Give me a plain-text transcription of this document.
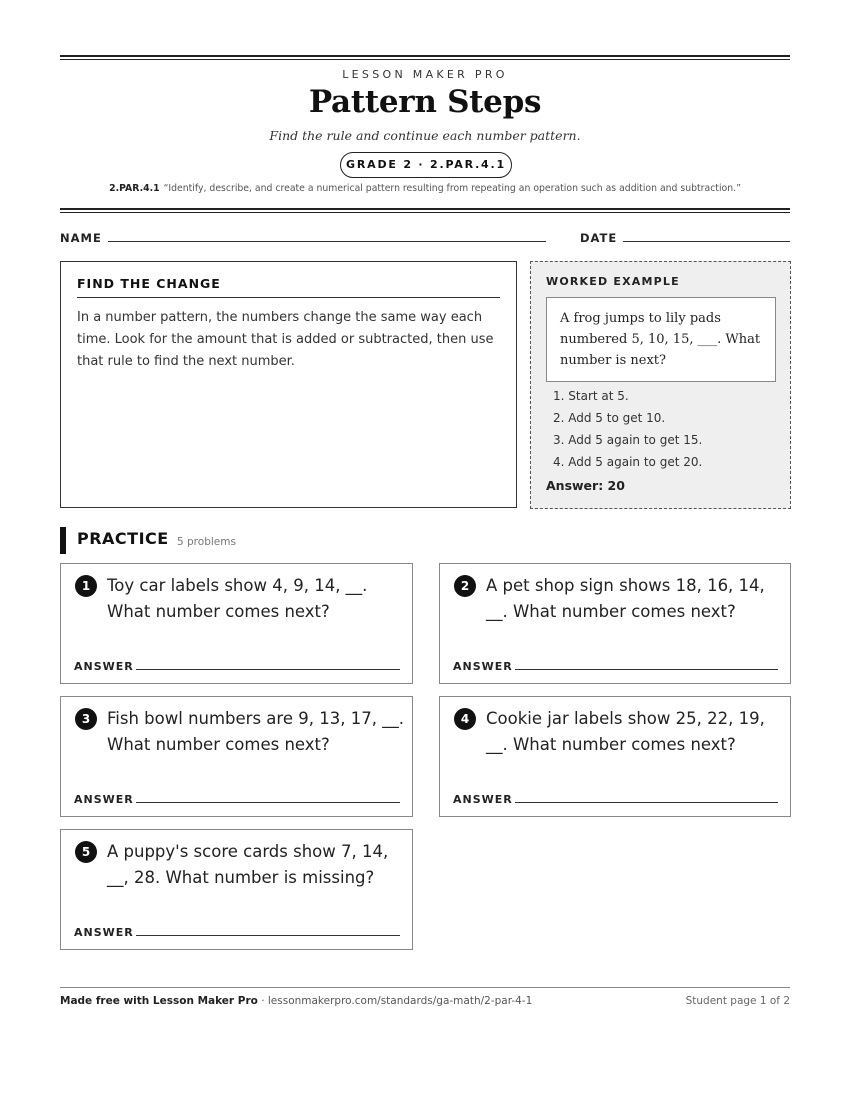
LESSON MAKER PRO
Pattern Steps
Find the rule and continue each number pattern.
GRADE 2 · 2.PAR.4.1
2.PAR.4.1 “Identify, describe, and create a numerical pattern resulting from repeating an operation such as addition and subtraction.”
NAME	DATE
FIND THE CHANGE
In a number pattern, the numbers change the same way each time. Look for the amount that is added or subtracted, then use that rule to find the next number.
WORKED EXAMPLE
A frog jumps to lily pads numbered 5, 10, 15, ___. What number is next?
1. Start at 5.
2. Add 5 to get 10.
3. Add 5 again to get 15.
4. Add 5 again to get 20.
Answer: 20
PRACTICE 5 problems
1	Toy car labels show 4, 9, 14, __. What number comes next?
ANSWER
2	A pet shop sign shows 18, 16, 14, __. What number comes next?
ANSWER
3	Fish bowl numbers are 9, 13, 17, __. What number comes next?
ANSWER
4	Cookie jar labels show 25, 22, 19, __. What number comes next?
ANSWER
5	A puppy's score cards show 7, 14, __, 28. What number is missing?
ANSWER
Made free with Lesson Maker Pro · lessonmakerpro.com/standards/ga-math/2-par-4-1	Student page 1 of 2
